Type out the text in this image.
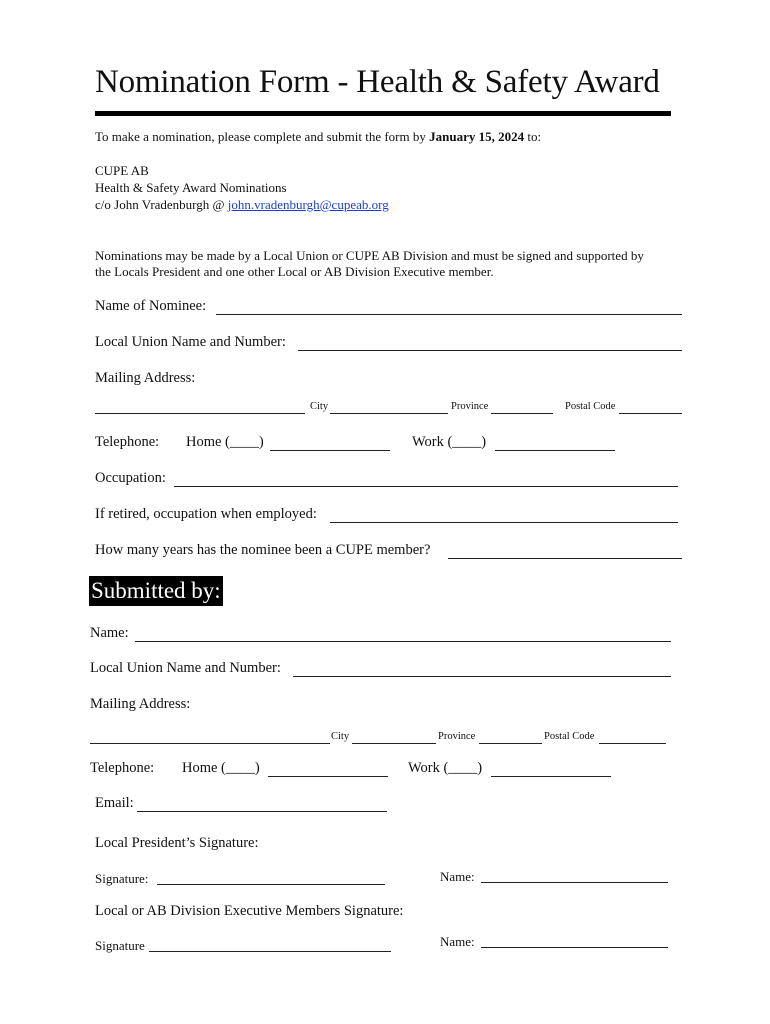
Nomination Form - Health & Safety Award
To make a nomination, please complete and submit the form by January 15, 2024 to:
CUPE AB
Health & Safety Award Nominations
c/o John Vradenburgh @ john.vradenburgh@cupeab.org
Nominations may be made by a Local Union or CUPE AB Division and must be signed and supported by
the Locals President and one other Local or AB Division Executive member.
Name of Nominee:
Local Union Name and Number:
Mailing Address:
City	Province	Postal Code
Telephone: Home (____)	Work (____)
Occupation:
If retired, occupation when employed:
How many years has the nominee been a CUPE member?
Submitted by:
Name:
Local Union Name and Number:
Mailing Address:
City	Province	Postal Code
Telephone: Home (____)	Work (____)
Email:
Local President’s Signature:
Signature:	Name:
Local or AB Division Executive Members Signature:
Signature	Name:
